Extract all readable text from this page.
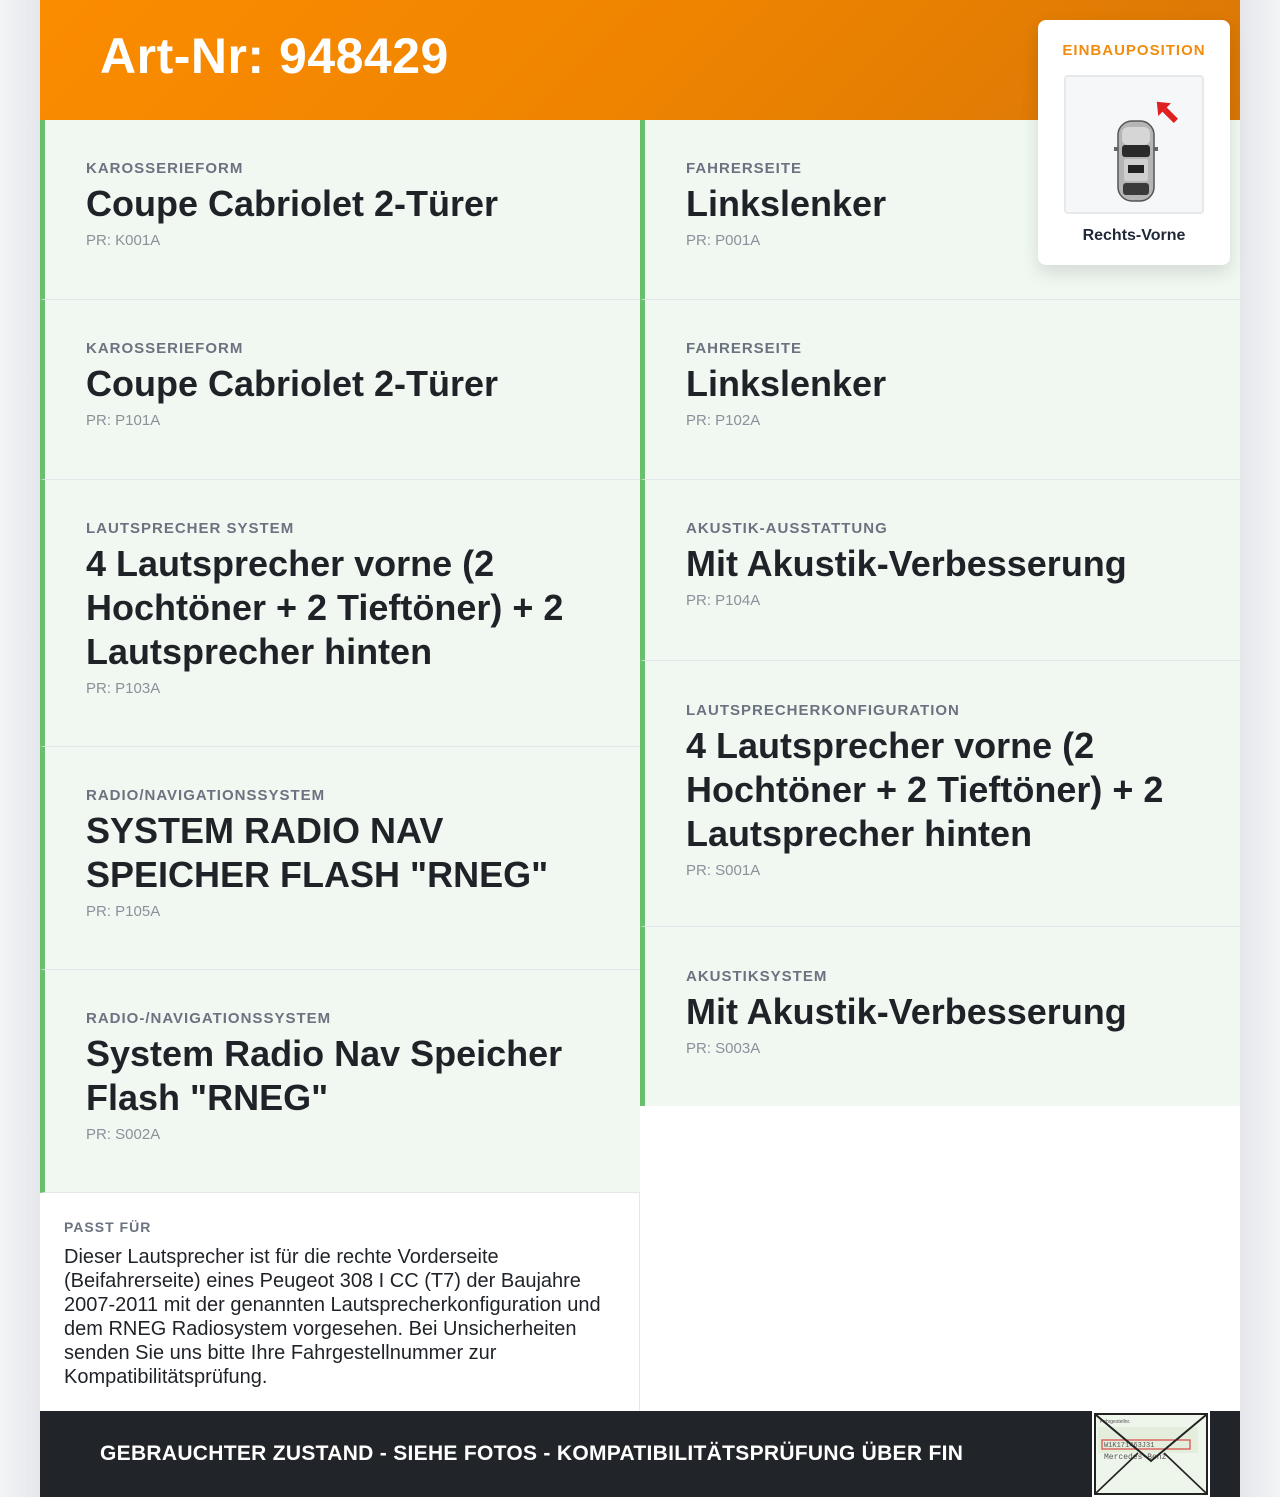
Art-Nr: 948429
KAROSSERIEFORM
Coupe Cabriolet 2-Türer
PR: K001A
KAROSSERIEFORM
Coupe Cabriolet 2-Türer
PR: P101A
LAUTSPRECHER SYSTEM
4 Lautsprecher vorne (2 Hochtöner + 2 Tieftöner) + 2 Lautsprecher hinten
PR: P103A
RADIO/NAVIGATIONSSYSTEM
SYSTEM RADIO NAV SPEICHER FLASH "RNEG"
PR: P105A
RADIO-/NAVIGATIONSSYSTEM
System Radio Nav Speicher Flash "RNEG"
PR: S002A
FAHRERSEITE
Linkslenker
PR: P001A
FAHRERSEITE
Linkslenker
PR: P102A
AKUSTIK-AUSSTATTUNG
Mit Akustik-Verbesserung
PR: P104A
LAUTSPRECHERKONFIGURATION
4 Lautsprecher vorne (2 Hochtöner + 2 Tieftöner) + 2 Lautsprecher hinten
PR: S001A
AKUSTIKSYSTEM
Mit Akustik-Verbesserung
PR: S003A
PASST FÜR
Dieser Lautsprecher ist für die rechte Vorderseite (Beifahrerseite) eines Peugeot 308 I CC (T7) der Baujahre 2007-2011 mit der genannten Lautsprecherkonfiguration und dem RNEG Radiosystem vorgesehen. Bei Unsicherheiten senden Sie uns bitte Ihre Fahrgestellnummer zur Kompatibilitätsprüfung.
GEBRAUCHTER ZUSTAND - SIEHE FOTOS - KOMPATIBILITÄTSPRÜFUNG ÜBER FIN
Fahrgestellnr.
W1K171463J31
Mercedes-Benz
EINBAUPOSITION
Rechts-Vorne
